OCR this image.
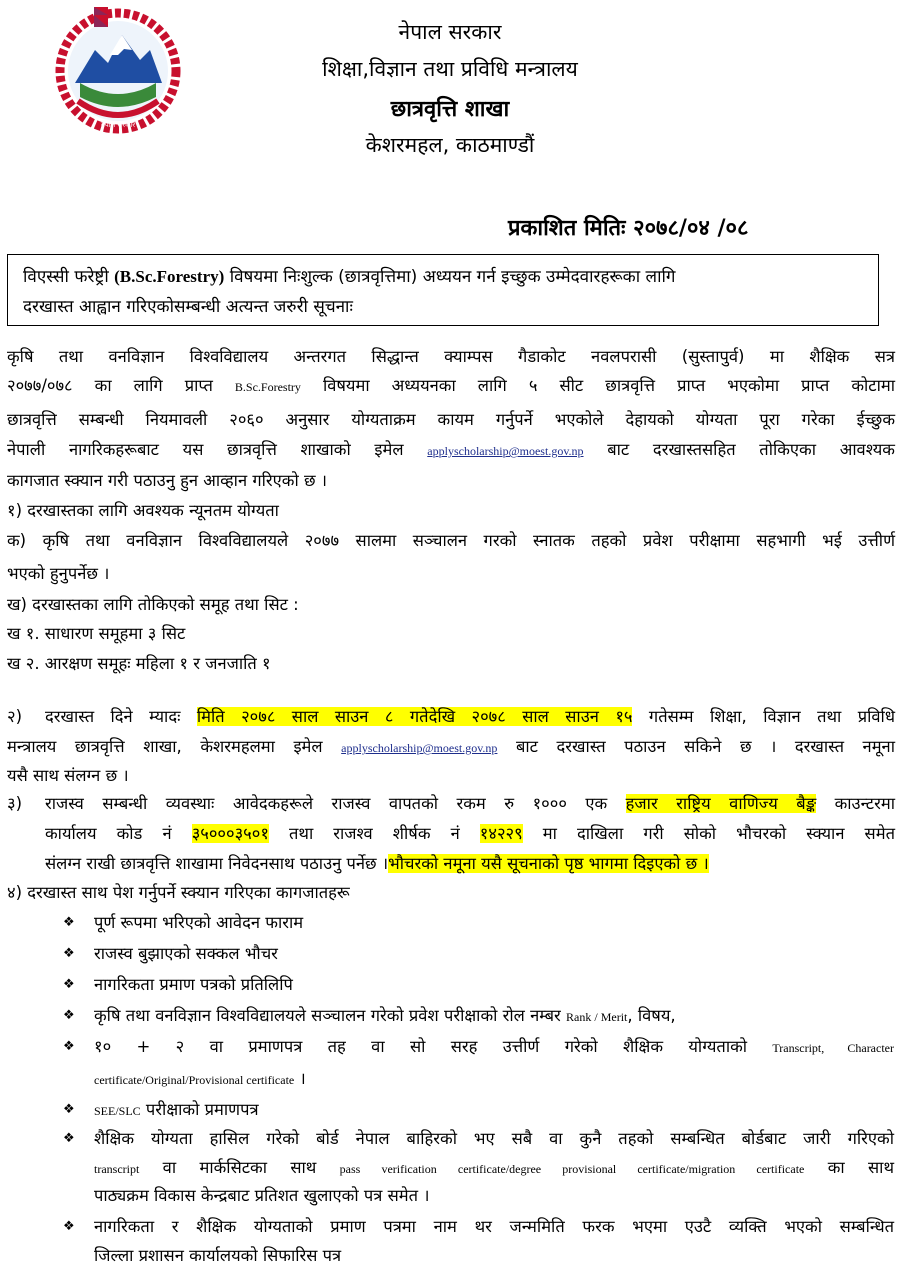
नेपाल सरकार
नेपाल सरकार
शिक्षा,विज्ञान तथा प्रविधि मन्त्रालय
छात्रवृत्ति शाखा
केशरमहल, काठमाण्डौं
प्रकाशित मितिः २०७८/०४ /०८
विएस्सी फरेष्ट्री (B.Sc.Forestry) विषयमा निःशुल्क (छात्रवृत्तिमा) अध्ययन गर्न इच्छुक उम्मेदवारहरूका लागि
दरखास्त आह्वान गरिएकोसम्बन्धी अत्यन्त जरुरी सूचनाः
कृषि तथा वनविज्ञान विश्वविद्यालय अन्तरगत सिद्धान्त क्याम्पस गैडाकोट नवलपरासी (सुस्तापुर्व) मा शैक्षिक सत्र
२०७७/०७८ का लागि प्राप्त B.Sc.Forestry विषयमा अध्ययनका लागि ५ सीट छात्रवृत्ति प्राप्त भएकोमा प्राप्त कोटामा
छात्रवृत्ति सम्बन्धी नियमावली २०६० अनुसार योग्यताक्रम कायम गर्नुपर्ने भएकोले देहायको योग्यता पूरा गरेका ईच्छुक
नेपाली नागरिकहरूबाट यस छात्रवृत्ति शाखाको इमेल applyscholarship@moest.gov.np बाट दरखास्तसहित तोकिएका आवश्यक
कागजात स्क्यान गरी पठाउनु हुन आव्हान गरिएको छ ।
१) दरखास्तका लागि अवश्यक न्यूनतम योग्यता
क) कृषि तथा वनविज्ञान विश्वविद्यालयले २०७७ सालमा सञ्चालन गरको स्नातक तहको प्रवेश परीक्षामा सहभागी भई उत्तीर्ण
भएको हुनुपर्नेछ ।
ख) दरखास्तका लागि तोकिएको समूह तथा सिट :
ख १. साधारण समूहमा ३ सिट
ख २. आरक्षण समूहः महिला १ र जनजाति १
२) दरखास्त दिने म्यादः मिति २०७८ साल साउन ८ गतेदेखि २०७८ साल साउन १५ गतेसम्म शिक्षा, विज्ञान तथा प्रविधि
मन्त्रालय छात्रवृत्ति शाखा, केशरमहलमा इमेल applyscholarship@moest.gov.np बाट दरखास्त पठाउन सकिने छ । दरखास्त नमूना
यसै साथ संलग्न छ ।
३) राजस्व सम्बन्धी व्यवस्थाः आवेदकहरूले राजस्व वापतको रकम रु १००० एक हजार राष्ट्रिय वाणिज्य बैङ्क काउन्टरमा
कार्यालय कोड नं ३५०००३५०१ तथा राजश्व शीर्षक नं १४२२९ मा दाखिला गरी सोको भौचरको स्क्यान समेत
संलग्न राखी छात्रवृत्ति शाखामा निवेदनसाथ पठाउनु पर्नेछ ।भौचरको नमूना यसै सूचनाको पृष्ठ भागमा दिइएको छ ।
४) दरखास्त साथ पेश गर्नुपर्ने स्क्यान गरिएका कागजातहरू
❖ पूर्ण रूपमा भरिएको आवेदन फाराम
❖ राजस्व बुझाएको सक्कल भौचर
❖ नागरिकता प्रमाण पत्रको प्रतिलिपि
❖ कृषि तथा वनविज्ञान विश्वविद्यालयले सञ्चालन गरेको प्रवेश परीक्षाको रोल नम्बर Rank / Merit, विषय,
❖ १० + २ वा प्रमाणपत्र तह वा सो सरह उत्तीर्ण गरेको शैक्षिक योग्यताको Transcript, Character
certificate/Original/Provisional certificate ।
❖ SEE/SLC परीक्षाको प्रमाणपत्र
❖ शैक्षिक योग्यता हासिल गरेको बोर्ड नेपाल बाहिरको भए सबै वा कुनै तहको सम्बन्धित बोर्डबाट जारी गरिएको
transcript वा मार्कसिटका साथ pass verification certificate/degree provisional certificate/migration certificate का साथ
पाठ्यक्रम विकास केन्द्रबाट प्रतिशत खुलाएको पत्र समेत ।
❖ नागरिकता र शैक्षिक योग्यताको प्रमाण पत्रमा नाम थर जन्ममिति फरक भएमा एउटै व्यक्ति भएको सम्बन्धित
जिल्ला प्रशासन कार्यालयको सिफारिस पत्र
